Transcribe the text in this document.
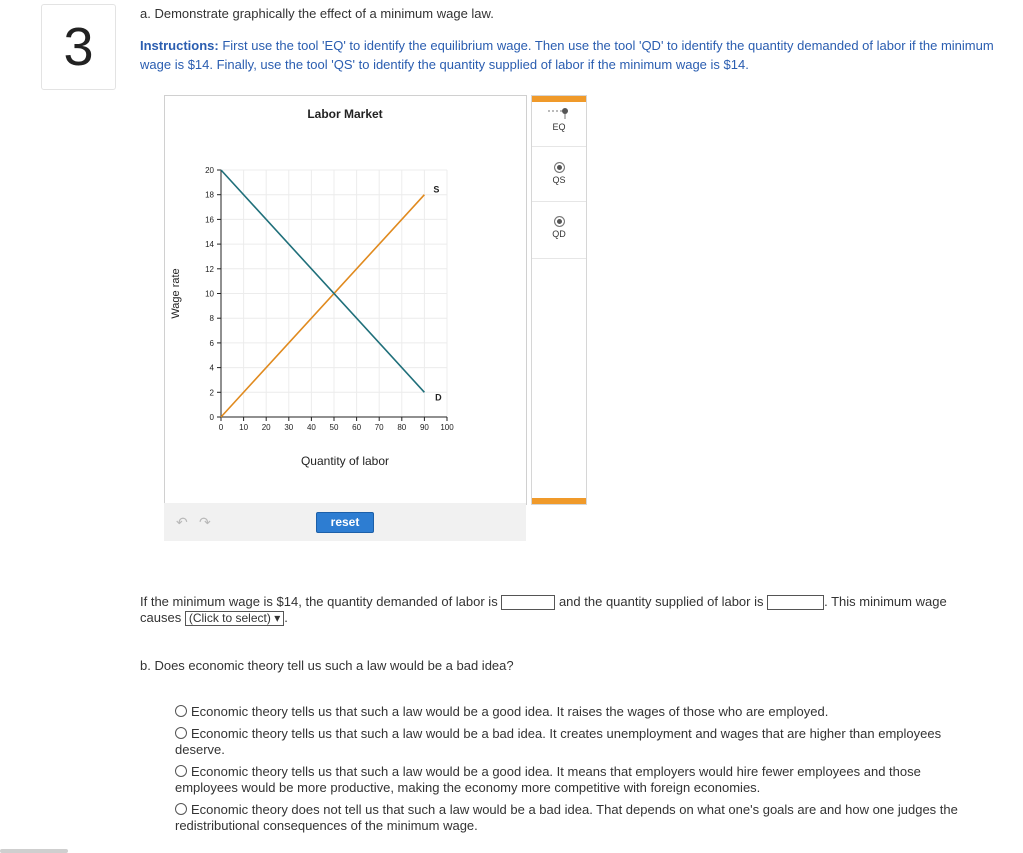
3
a. Demonstrate graphically the effect of a minimum wage law.
Instructions: First use the tool 'EQ' to identify the equilibrium wage. Then use the tool 'QD' to identify the quantity demanded of labor if the minimum wage is $14. Finally, use the tool 'QS' to identify the quantity supplied of labor if the minimum wage is $14.
Labor Market
0
2
4
6
8
10
12
14
16
18
20
0 10 20 30 40 50 60 70 80 90 100
Quantity of labor
Wage rate
S
D
↶ ↷	reset
EQ
QS
QD
If the minimum wage is $14, the quantity demanded of labor is	and the quantity supplied of labor is	. This minimum wage causes (Click to select) ▾ .
b. Does economic theory tell us such a law would be a bad idea?
Economic theory tells us that such a law would be a good idea. It raises the wages of those who are employed.
Economic theory tells us that such a law would be a bad idea. It creates unemployment and wages that are higher than employees deserve.
Economic theory tells us that such a law would be a good idea. It means that employers would hire fewer employees and those employees would be more productive, making the economy more competitive with foreign economies.
Economic theory does not tell us that such a law would be a bad idea. That depends on what one's goals are and how one judges the redistributional consequences of the minimum wage.
